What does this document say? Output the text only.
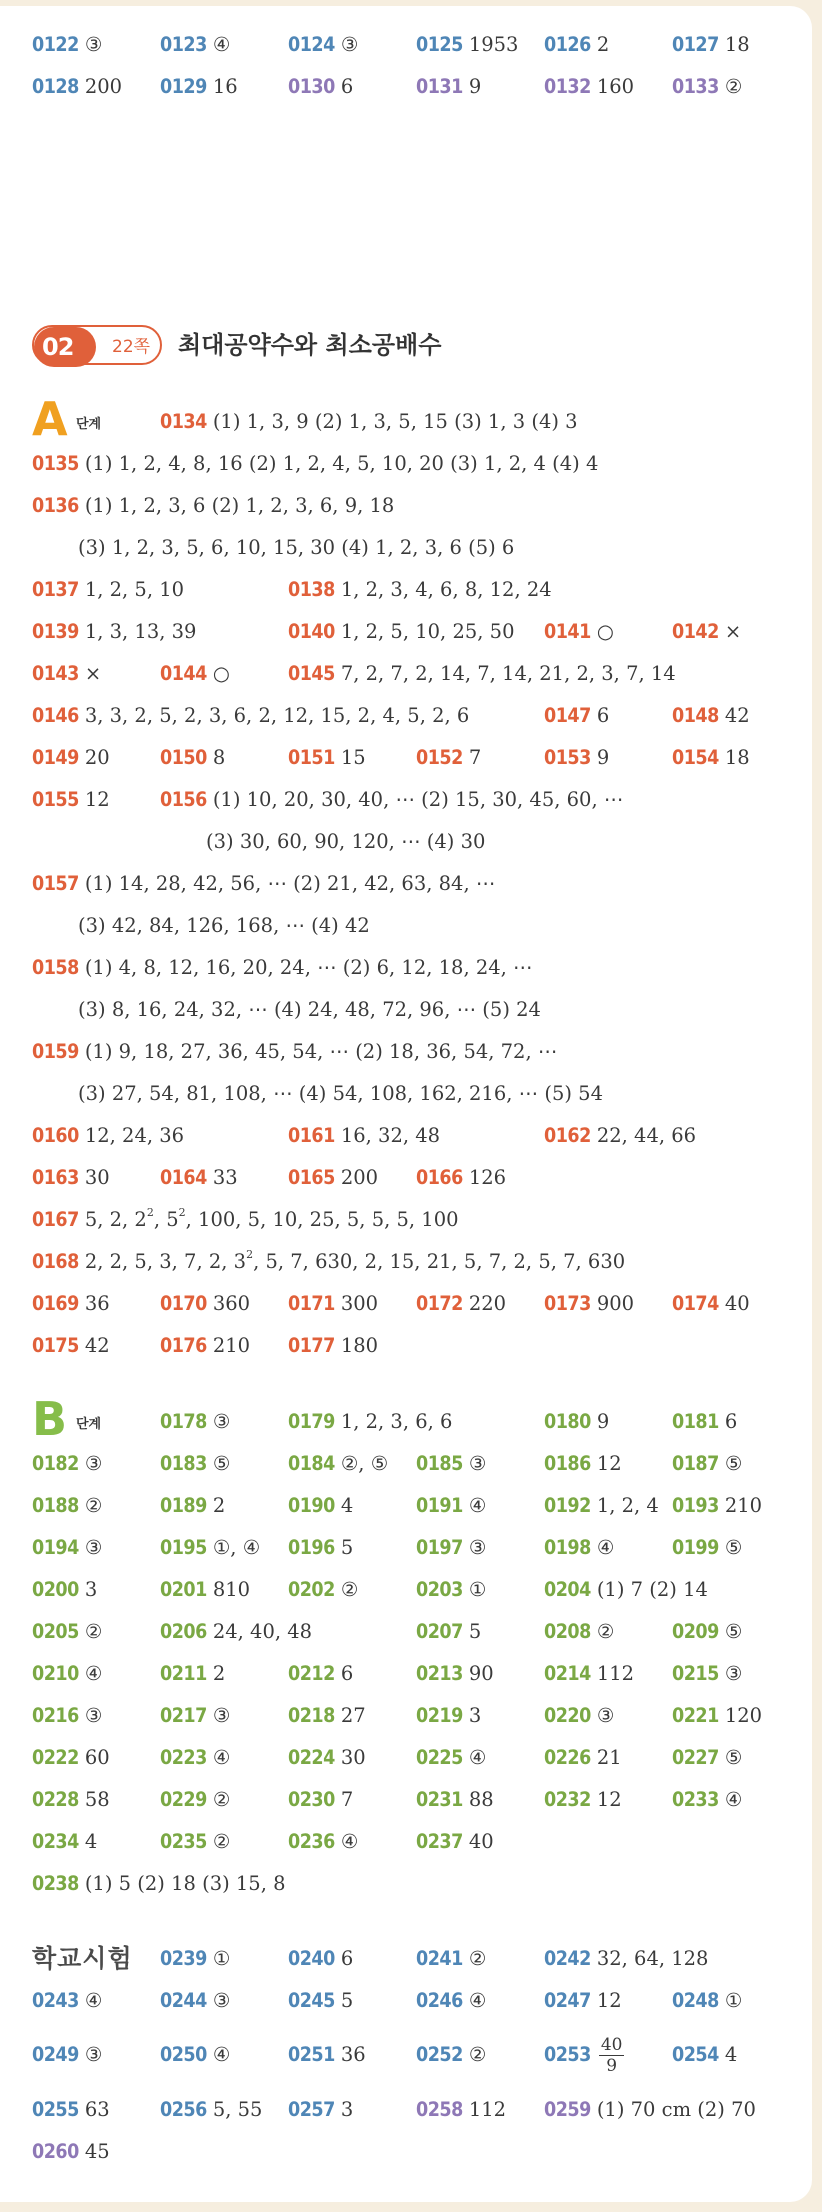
0122 ③	0123 ④	0124 ③	0125 1953 0126 2	0127 18
0128 200 0129 16	0130 6	0131 9	0132 160 0133 ②
02 22쪽 최대공약수와 최소공배수
A 단계	0134 (1) 1, 3, 9 (2) 1, 3, 5, 15 (3) 1, 3 (4) 3
0135 (1) 1, 2, 4, 8, 16 (2) 1, 2, 4, 5, 10, 20 (3) 1, 2, 4 (4) 4
0136 (1) 1, 2, 3, 6 (2) 1, 2, 3, 6, 9, 18
(3) 1, 2, 3, 5, 6, 10, 15, 30 (4) 1, 2, 3, 6 (5) 6
0137 1, 2, 5, 10	0138 1, 2, 3, 4, 6, 8, 12, 24
0139 1, 3, 13, 39	0140 1, 2, 5, 10, 25, 50 0141 ○	0142 ×
0143 ×	0144 ○	0145 7, 2, 7, 2, 14, 7, 14, 21, 2, 3, 7, 14
0146 3, 3, 2, 5, 2, 3, 6, 2, 12, 15, 2, 4, 5, 2, 6	0147 6	0148 42
0149 20	0150 8	0151 15	0152 7	0153 9	0154 18
0155 12	0156 (1) 10, 20, 30, 40, ⋯ (2) 15, 30, 45, 60, ⋯
(3) 30, 60, 90, 120, ⋯ (4) 30
0157 (1) 14, 28, 42, 56, ⋯ (2) 21, 42, 63, 84, ⋯
(3) 42, 84, 126, 168, ⋯ (4) 42
0158 (1) 4, 8, 12, 16, 20, 24, ⋯ (2) 6, 12, 18, 24, ⋯
(3) 8, 16, 24, 32, ⋯ (4) 24, 48, 72, 96, ⋯ (5) 24
0159 (1) 9, 18, 27, 36, 45, 54, ⋯ (2) 18, 36, 54, 72, ⋯
(3) 27, 54, 81, 108, ⋯ (4) 54, 108, 162, 216, ⋯ (5) 54
0160 12, 24, 36	0161 16, 32, 48	0162 22, 44, 66
0163 30	0164 33	0165 200 0166 126
0167 5, 2, $2^2$, $5^2$, 100, 5, 10, 25, 5, 5, 5, 100
0168 2, 2, 5, 3, 7, 2, $3^2$, 5, 7, 630, 2, 15, 21, 5, 7, 2, 5, 7, 630
0169 36	0170 360 0171 300 0172 220 0173 900 0174 40
0175 42	0176 210 0177 180
B 단계	0178 ③	0179 1, 2, 3, 6, 6	0180 9	0181 6
0182 ③	0183 ⑤	0184 ②, ⑤ 0185 ③	0186 12	0187 ⑤
0188 ②	0189 2	0190 4	0191 ④	0192 1, 2, 4 0193 210
0194 ③	0195 ①, ④ 0196 5	0197 ③	0198 ④	0199 ⑤
0200 3	0201 810 0202 ②	0203 ①	0204 (1) 7 (2) 14
0205 ②	0206 24, 40, 48	0207 5	0208 ②	0209 ⑤
0210 ④	0211 2	0212 6	0213 90	0214 112 0215 ③
0216 ③	0217 ③	0218 27	0219 3	0220 ③	0221 120
0222 60	0223 ④	0224 30	0225 ④	0226 21	0227 ⑤
0228 58	0229 ②	0230 7	0231 88	0232 12	0233 ④
0234 4	0235 ②	0236 ④	0237 40
0238 (1) 5 (2) 18 (3) 15, 8
학교시험 0239 ①	0240 6	0241 ②	0242 32, 64, 128
0243 ④	0244 ③	0245 5	0246 ④	0247 12	0248 ①
0249 ③	0250 ④	0251 36	0252 ②	$0253 \frac{40}{9} 0254$ 4
0255 63	0256 5, 55 0257 3	0258 112 0259 (1) 70 cm (2) 70
0260 45
